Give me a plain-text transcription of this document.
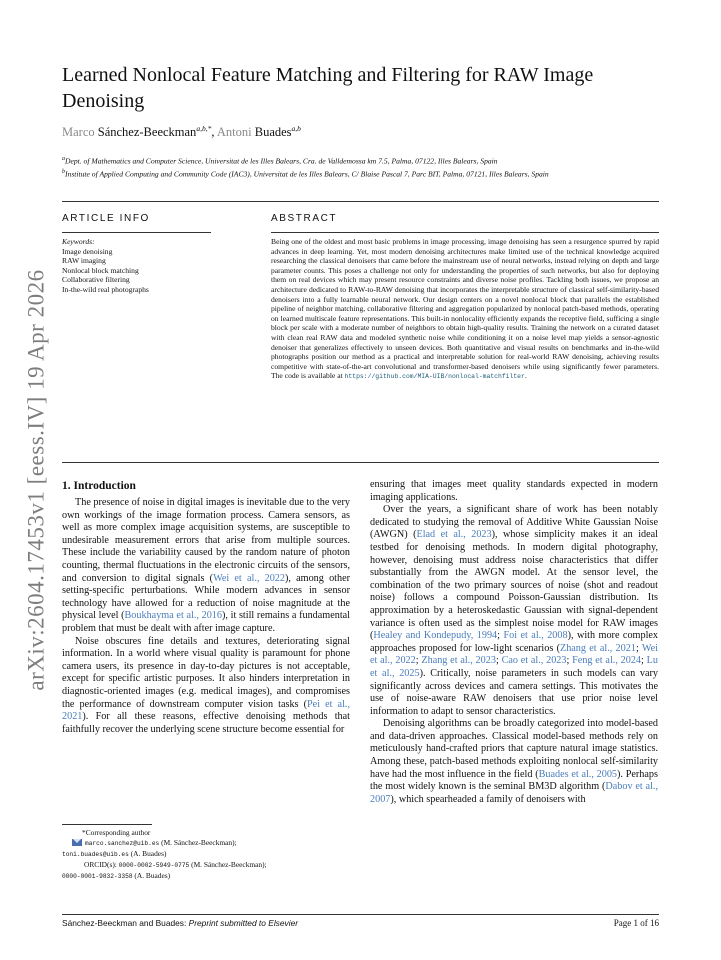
arXiv:2604.17453v1 [eess.IV] 19 Apr 2026
Learned Nonlocal Feature Matching and Filtering for RAW Image Denoising
Marco Sánchez-Beeckman$^{a,b,*}$, Antoni Buades$^{a,b}$

$^a$Dept. of Mathematics and Computer Science, Universitat de les Illes Balears, Cra. de Valldemossa km 7.5, Palma, 07122, Illes Balears, Spain

$^b$Institute of Applied Computing and Community Code (IAC3), Universitat de les Illes Balears, C/ Blaise Pascal 7, Parc BIT, Palma, 07121, Illes Balears, Spain

ARTICLE INFO	ABSTRACT
Keywords:
Image denoising
RAW imaging
Nonlocal block matching
Collaborative filtering
In-the-wild real photographs

Being one of the oldest and most basic problems in image processing, image denoising has seen a resurgence spurred by rapid advances in deep learning. Yet, most modern denoising architectures make limited use of the technical knowledge acquired researching the classical denoisers that came before the mainstream use of neural networks, instead relying on depth and large parameter counts. This poses a challenge not only for understanding the properties of such networks, but also for deploying them on real devices which may present resource constraints and diverse noise profiles. Tackling both issues, we propose an architecture dedicated to RAW-to-RAW denoising that incorporates the interpretable structure of classical self-similarity-based denoisers into a fully learnable neural network. Our design centers on a novel nonlocal block that parallels the established pipeline of neighbor matching, collaborative filtering and aggregation popularized by nonlocal patch-based methods, operating on learned multiscale feature representations. This built-in nonlocality efficiently expands the receptive field, sufficing a single block per scale with a moderate number of neighbors to obtain high-quality results. Training the network on a curated dataset with clean real RAW data and modeled synthetic noise while conditioning it on a noise level map yields a sensor-agnostic denoiser that generalizes effectively to unseen devices. Both quantitative and visual results on benchmarks and in-the-wild photographs position our method as a practical and interpretable solution for real-world RAW denoising, achieving results competitive with state-of-the-art convolutional and transformer-based denoisers while using significantly fewer parameters. The code is available at https://github.com/MIA-UIB/nonlocal-matchfilter.

1. Introduction

The presence of noise in digital images is inevitable due to the very own workings of the image formation process. Camera sensors, as well as more complex image acquisition systems, are susceptible to undesirable measurement errors that arise from multiple sources. These include the variability caused by the random nature of photon counting, thermal fluctuations in the electronic circuits of the sensors, and conversion to digital signals (Wei et al., 2022), among other setting-specific perturbations. While modern advances in sensor technology have allowed for a reduction of noise magnitude at the physical level (Boukhayma et al., 2016), it still remains a fundamental problem that must be dealt with after image capture.

Noise obscures fine details and textures, deteriorating signal information. In a world where visual quality is paramount for phone camera users, its presence in day-to-day pictures is not acceptable, except for specific artistic purposes. It also hinders interpretation in diagnostic-oriented images (e.g. medical images), and compromises the performance of downstream computer vision tasks (Pei et al., 2021). For all these reasons, effective denoising methods that faithfully recover the underlying scene structure become essential for

*Corresponding author
marco.sanchez@uib.es (M. Sánchez-Beeckman);
toni.buades@uib.es (A. Buades)
ORCID(s): 0000-0002-5949-0775 (M. Sánchez-Beeckman);
0000-0001-9832-3358 (A. Buades)

ensuring that images meet quality standards expected in modern imaging applications.

Over the years, a significant share of work has been notably dedicated to studying the removal of Additive White Gaussian Noise (AWGN) (Elad et al., 2023), whose simplicity makes it an ideal testbed for denoising methods. In modern digital photography, however, denoising must address noise characteristics that differ substantially from the AWGN model. At the sensor level, the combination of the two primary sources of noise (shot and readout noise) follows a compound Poisson-Gaussian distribution. Its approximation by a heteroskedastic Gaussian with signal-dependent variance is often used as the simplest noise model for RAW images (Healey and Kondepudy, 1994; Foi et al., 2008), with more complex approaches proposed for low-light scenarios (Zhang et al., 2021; Wei et al., 2022; Zhang et al., 2023; Cao et al., 2023; Feng et al., 2024; Lu et al., 2025). Critically, noise parameters in such models can vary significantly across devices and camera settings. This motivates the use of noise-aware RAW denoisers that use prior noise level information to adapt to sensor characteristics.

Denoising algorithms can be broadly categorized into model-based and data-driven approaches. Classical model-based methods rely on meticulously hand-crafted priors that capture natural image statistics. Among these, patch-based methods exploiting nonlocal self-similarity have had the most influence in the field (Buades et al., 2005). Perhaps the most widely known is the seminal BM3D algorithm (Dabov et al., 2007), which spearheaded a family of denoisers with

Sánchez-Beeckman and Buades: Preprint submitted to Elsevier	Page 1 of 16
